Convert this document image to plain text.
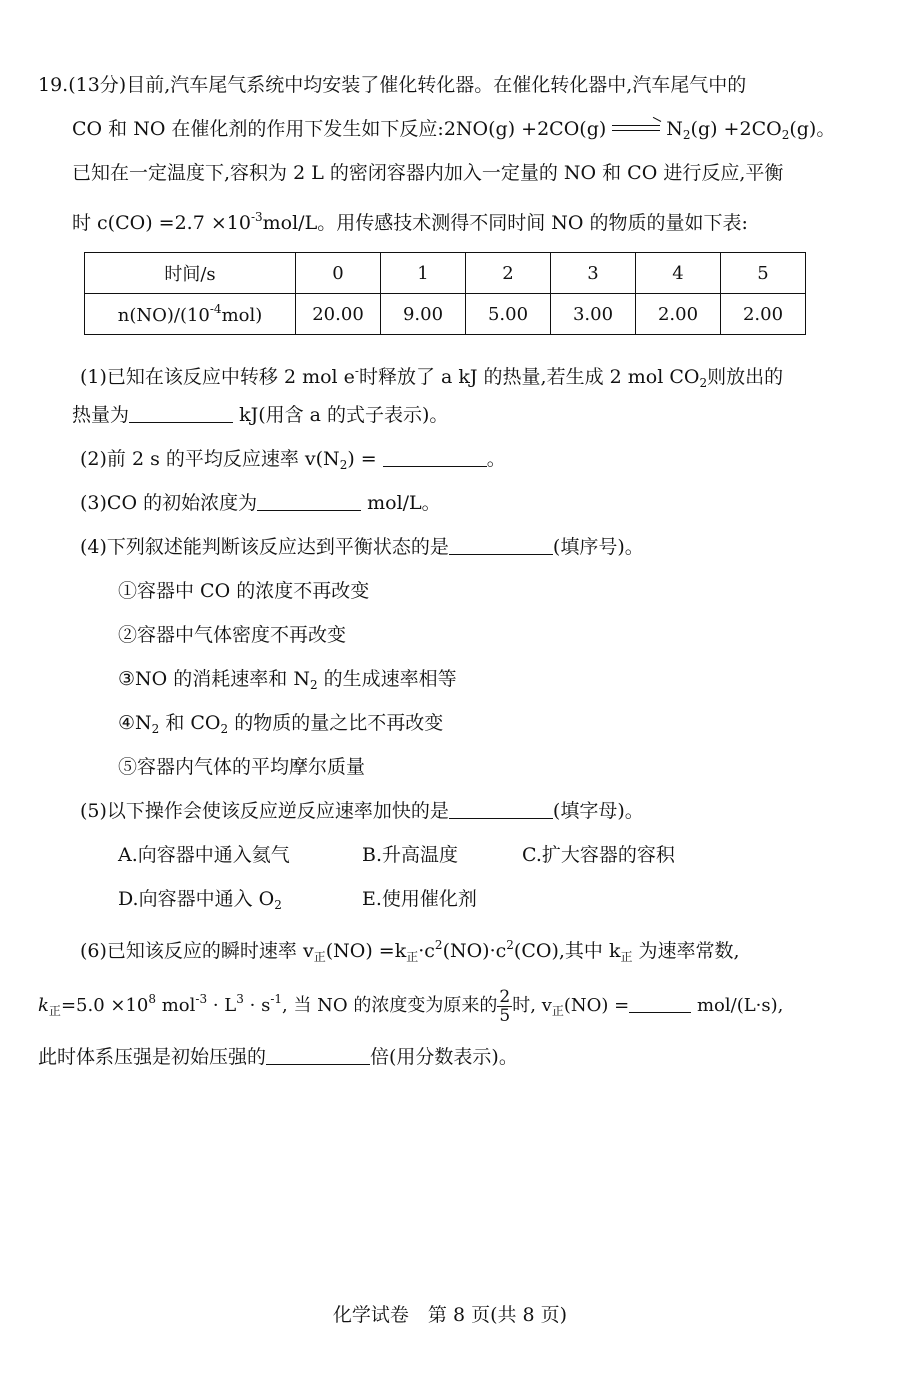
19.(13分)目前,汽车尾气系统中均安装了催化转化器。在催化转化器中,汽车尾气中的
CO 和 NO 在催化剂的作用下发生如下反应:2NO(g) $+2CO(g) \to N_2(g) +2CO_2(g)$。
已知在一定温度下,容积为 2 L 的密闭容器内加入一定量的 NO 和 CO 进行反应,平衡
时 $c(CO) =2.7 \times 10^{-3}mol/L$。用传感技术测得不同时间 NO 的物质的量如下表:
时间/s	0	1	2	3	4	5
$n(NO)/(10^{-4}mol)$	20.00	9.00	5.00	3.00	2.00	2.00
(1)已知在该反应中转移 2 mol e-时释放了 a kJ 的热量,若生成 2 mol $CO_2$则放出的
热量为	kJ(用含 a 的式子表示)。
(2)前 2 s 的平均反应速率 $v(N_2)$ =	。
(3)CO 的初始浓度为	mol/L。
(4)下列叙述能判断该反应达到平衡状态的是	(填序号)。
①容器中 CO 的浓度不再改变
②容器中气体密度不再改变
③NO 的消耗速率和 $N_2$ 的生成速率相等
$④N_2$ 和 $CO_2$ 的物质的量之比不再改变
⑤容器内气体的平均摩尔质量
(5)以下操作会使该反应逆反应速率加快的是	(填字母)。
A.向容器中通入氦气	B.升高温度	C.扩大容器的容积
D.向容器中通入 $O_2$	E.使用催化剂
(6)已知该反应的瞬时速率 $v_正(NO) =k_正\cdot c^2(NO)\cdot c^2(CO)$,其中 $k_正$ 为速率常数,
$k_正=5.0 \times 10^8$ $mol^{-3} \cdot L^3 \cdot s^{-1}$, 当 NO 的浓度变为原来的 $\frac{2}{5}$ 时, $v_正(NO)$ =	mol/(L·s),
此时体系压强是初始压强的	倍(用分数表示)。
化学试卷　第 8 页(共 8 页)
